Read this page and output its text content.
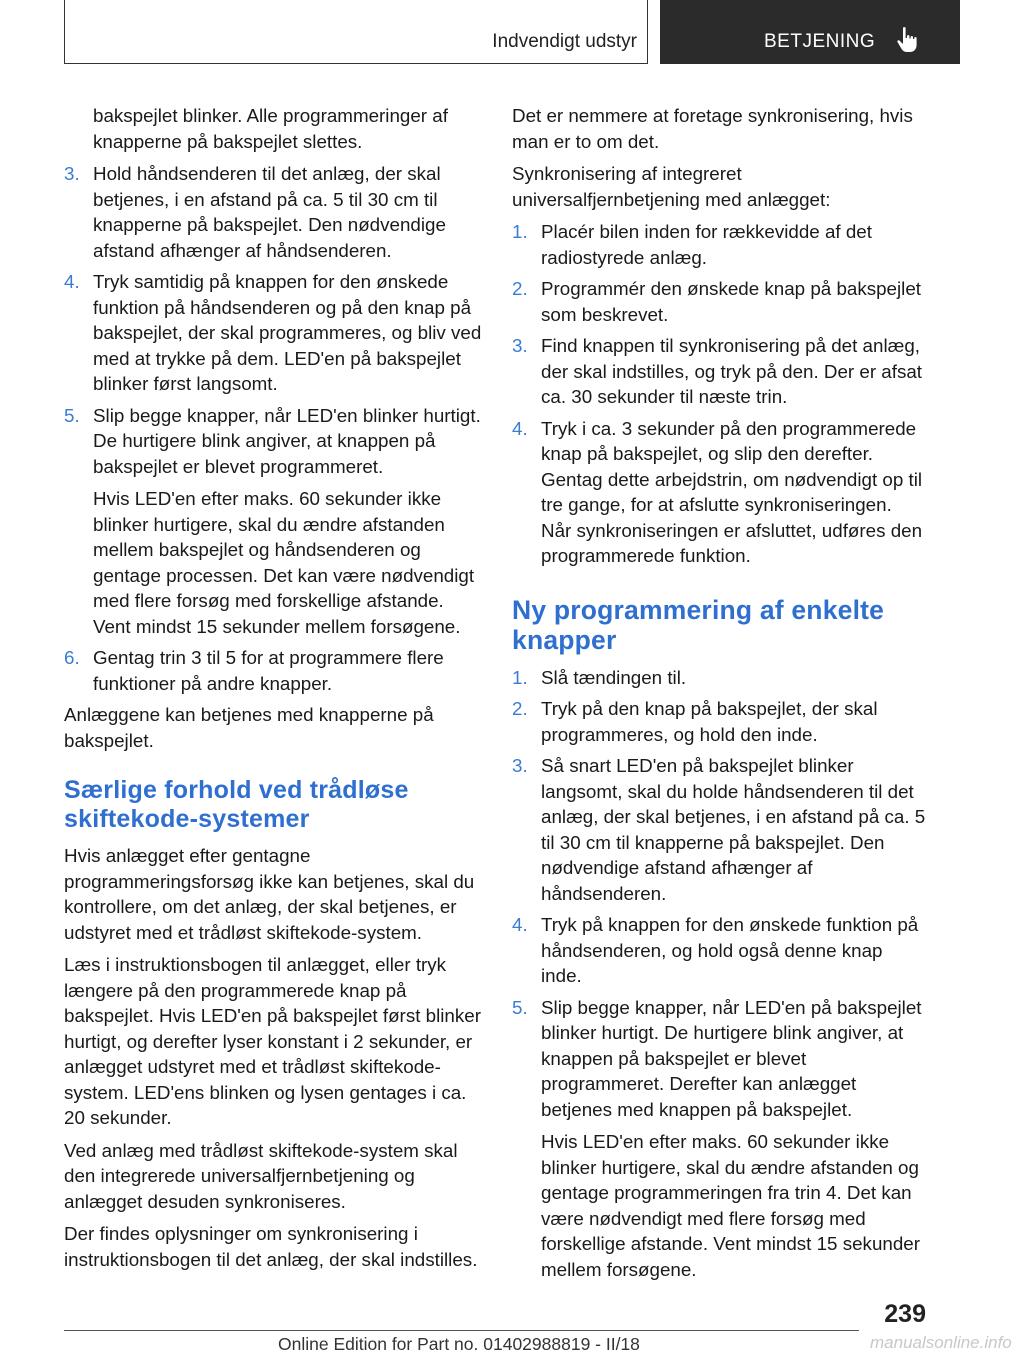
Indvendigt udstyr	BETJENING

bakspejlet blinker. Alle programmeringer af knapperne på bakspejlet slettes.

3. Hold håndsenderen til det anlæg, der skal betjenes, i en afstand på ca. 5 til 30 cm til knapperne på bakspejlet. Den nødvendige afstand afhænger af håndsenderen.
4. Tryk samtidig på knappen for den ønskede funktion på håndsenderen og på den knap på bakspejlet, der skal programmeres, og bliv ved med at trykke på dem. LED'en på bakspejlet blinker først langsomt.
5. Slip begge knapper, når LED'en blinker hurtigt. De hurtigere blink angiver, at knappen på bakspejlet er blevet programmeret.
Hvis LED'en efter maks. 60 sekunder ikke blinker hurtigere, skal du ændre afstanden mellem bakspejlet og håndsenderen og gentage processen. Det kan være nødvendigt med flere forsøg med forskellige afstande. Vent mindst 15 sekunder mellem forsøgene.
6. Gentag trin 3 til 5 for at programmere flere funktioner på andre knapper.

Anlæggene kan betjenes med knapperne på bakspejlet.

Særlige forhold ved trådløse skiftekode-systemer

Hvis anlægget efter gentagne programmeringsforsøg ikke kan betjenes, skal du kontrollere, om det anlæg, der skal betjenes, er udstyret med et trådløst skiftekode-system.

Læs i instruktionsbogen til anlægget, eller tryk længere på den programmerede knap på bakspejlet. Hvis LED'en på bakspejlet først blinker hurtigt, og derefter lyser konstant i 2 sekunder, er anlægget udstyret med et trådløst skiftekode-system. LED'ens blinken og lysen gentages i ca. 20 sekunder.

Ved anlæg med trådløst skiftekode-system skal den integrerede universalfjernbetjening og anlægget desuden synkroniseres.

Der findes oplysninger om synkronisering i instruktionsbogen til det anlæg, der skal indstilles.

Det er nemmere at foretage synkronisering, hvis man er to om det.

Synkronisering af integreret universalfjernbetjening med anlægget:

1. Placér bilen inden for rækkevidde af det radiostyrede anlæg.
2. Programmér den ønskede knap på bakspejlet som beskrevet.
3. Find knappen til synkronisering på det anlæg, der skal indstilles, og tryk på den. Der er afsat ca. 30 sekunder til næste trin.
4. Tryk i ca. 3 sekunder på den programmerede knap på bakspejlet, og slip den derefter. Gentag dette arbejdstrin, om nødvendigt op til tre gange, for at afslutte synkroniseringen. Når synkroniseringen er afsluttet, udføres den programmerede funktion.
Ny programmering af enkelte knapper
1. Slå tændingen til.
2. Tryk på den knap på bakspejlet, der skal programmeres, og hold den inde.
3. Så snart LED'en på bakspejlet blinker langsomt, skal du holde håndsenderen til det anlæg, der skal betjenes, i en afstand på ca. 5 til 30 cm til knapperne på bakspejlet. Den nødvendige afstand afhænger af håndsenderen.
4. Tryk på knappen for den ønskede funktion på håndsenderen, og hold også denne knap inde.
5. Slip begge knapper, når LED'en på bakspejlet blinker hurtigt. De hurtigere blink angiver, at knappen på bakspejlet er blevet programmeret. Derefter kan anlægget betjenes med knappen på bakspejlet.
Hvis LED'en efter maks. 60 sekunder ikke blinker hurtigere, skal du ændre afstanden og gentage programmeringen fra trin 4. Det kan være nødvendigt med flere forsøg med forskellige afstande. Vent mindst 15 sekunder mellem forsøgene.
239
Online Edition for Part no. 01402988819 - II/18	manualsonline.info
